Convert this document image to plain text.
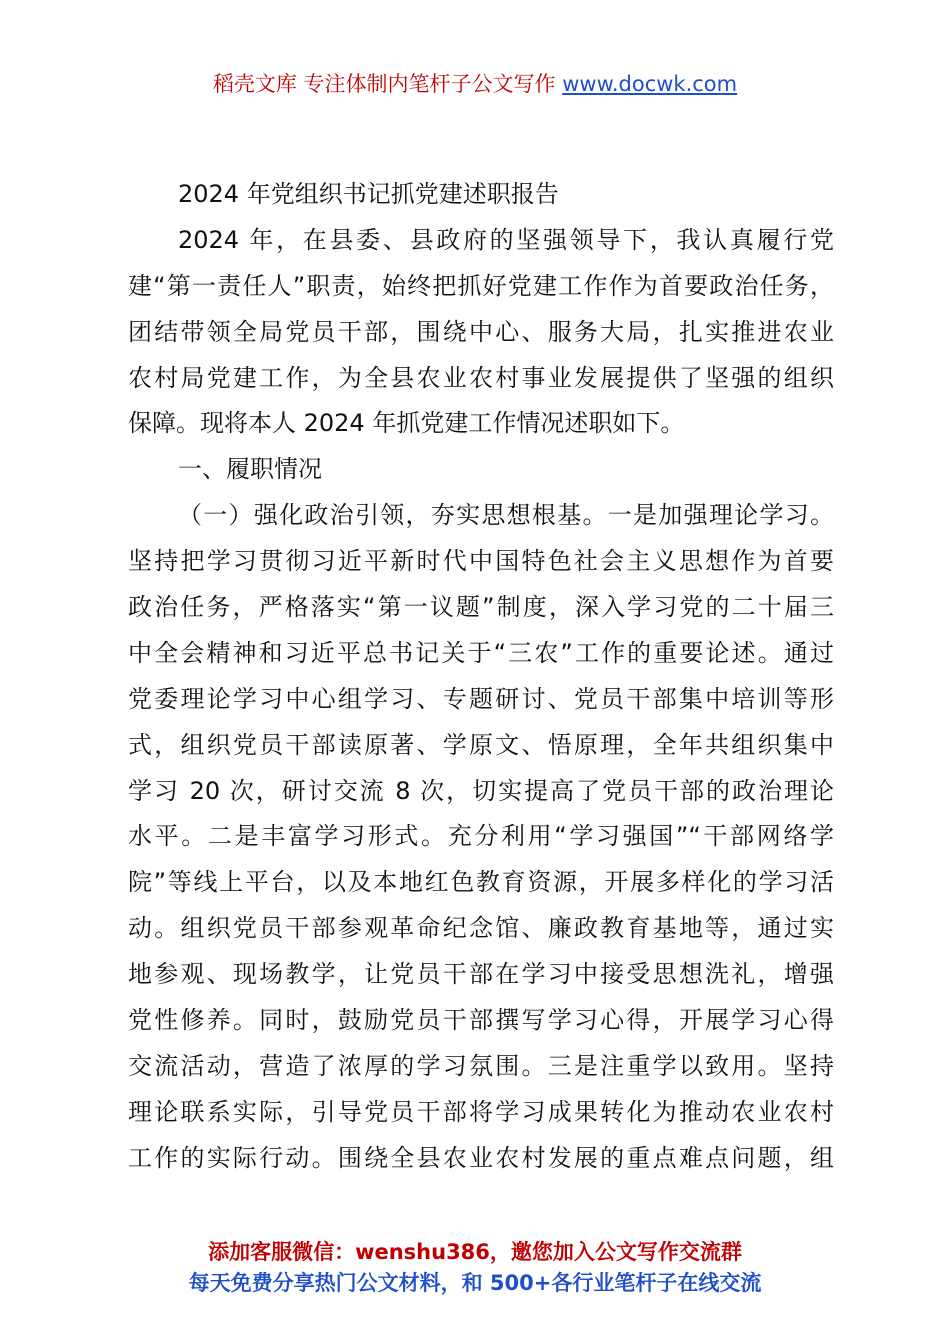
稻壳文库 专注体制内笔杆子公文写作 www.docwk.com
2024 年党组织书记抓党建述职报告
2024 年，在县委、县政府的坚强领导下，我认真履行党
建“第一责任人”职责，始终把抓好党建工作作为首要政治任务，
团结带领全局党员干部，围绕中心、服务大局，扎实推进农业
农村局党建工作，为全县农业农村事业发展提供了坚强的组织
保障。现将本人 2024 年抓党建工作情况述职如下。
一、履职情况
（一）强化政治引领，夯实思想根基。一是加强理论学习。
坚持把学习贯彻习近平新时代中国特色社会主义思想作为首要
政治任务，严格落实“第一议题”制度，深入学习党的二十届三
中全会精神和习近平总书记关于“三农”工作的重要论述。通过
党委理论学习中心组学习、专题研讨、党员干部集中培训等形
式，组织党员干部读原著、学原文、悟原理，全年共组织集中
学习 20 次，研讨交流 8 次，切实提高了党员干部的政治理论
水平。二是丰富学习形式。充分利用“学习强国”“干部网络学
院”等线上平台，以及本地红色教育资源，开展多样化的学习活
动。组织党员干部参观革命纪念馆、廉政教育基地等，通过实
地参观、现场教学，让党员干部在学习中接受思想洗礼，增强
党性修养。同时，鼓励党员干部撰写学习心得，开展学习心得
交流活动，营造了浓厚的学习氛围。三是注重学以致用。坚持
理论联系实际，引导党员干部将学习成果转化为推动农业农村
工作的实际行动。围绕全县农业农村发展的重点难点问题，组
添加客服微信：wenshu386，邀您加入公文写作交流群
每天免费分享热门公文材料，和 500+各行业笔杆子在线交流
